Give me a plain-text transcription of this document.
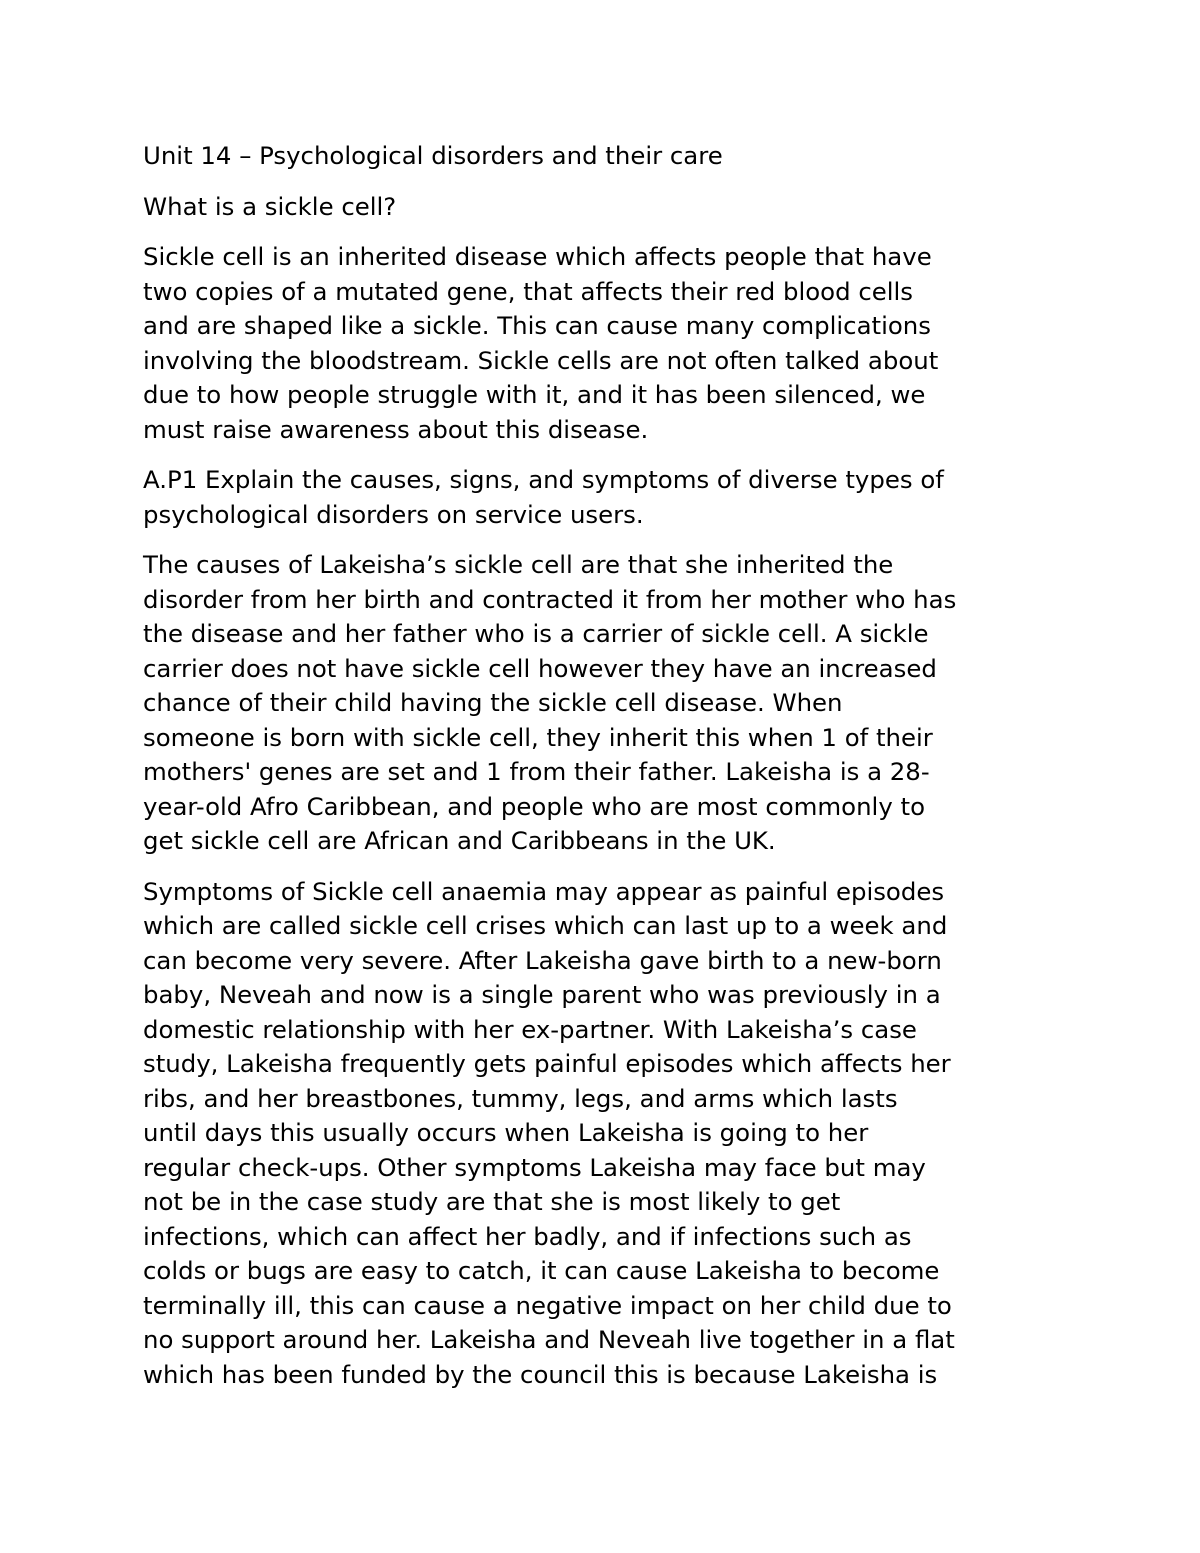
Unit 14 – Psychological disorders and their care

What is a sickle cell?

Sickle cell is an inherited disease which affects people that have
two copies of a mutated gene, that affects their red blood cells
and are shaped like a sickle. This can cause many complications
involving the bloodstream. Sickle cells are not often talked about
due to how people struggle with it, and it has been silenced, we
must raise awareness about this disease.

A.P1 Explain the causes, signs, and symptoms of diverse types of
psychological disorders on service users.

The causes of Lakeisha’s sickle cell are that she inherited the
disorder from her birth and contracted it from her mother who has
the disease and her father who is a carrier of sickle cell. A sickle
carrier does not have sickle cell however they have an increased
chance of their child having the sickle cell disease. When
someone is born with sickle cell, they inherit this when 1 of their
mothers' genes are set and 1 from their father. Lakeisha is a 28-
year-old Afro Caribbean, and people who are most commonly to
get sickle cell are African and Caribbeans in the UK.

Symptoms of Sickle cell anaemia may appear as painful episodes
which are called sickle cell crises which can last up to a week and
can become very severe. After Lakeisha gave birth to a new-born
baby, Neveah and now is a single parent who was previously in a
domestic relationship with her ex-partner. With Lakeisha’s case
study, Lakeisha frequently gets painful episodes which affects her
ribs, and her breastbones, tummy, legs, and arms which lasts
until days this usually occurs when Lakeisha is going to her
regular check-ups. Other symptoms Lakeisha may face but may
not be in the case study are that she is most likely to get
infections, which can affect her badly, and if infections such as
colds or bugs are easy to catch, it can cause Lakeisha to become
terminally ill, this can cause a negative impact on her child due to
no support around her. Lakeisha and Neveah live together in a flat
which has been funded by the council this is because Lakeisha is
